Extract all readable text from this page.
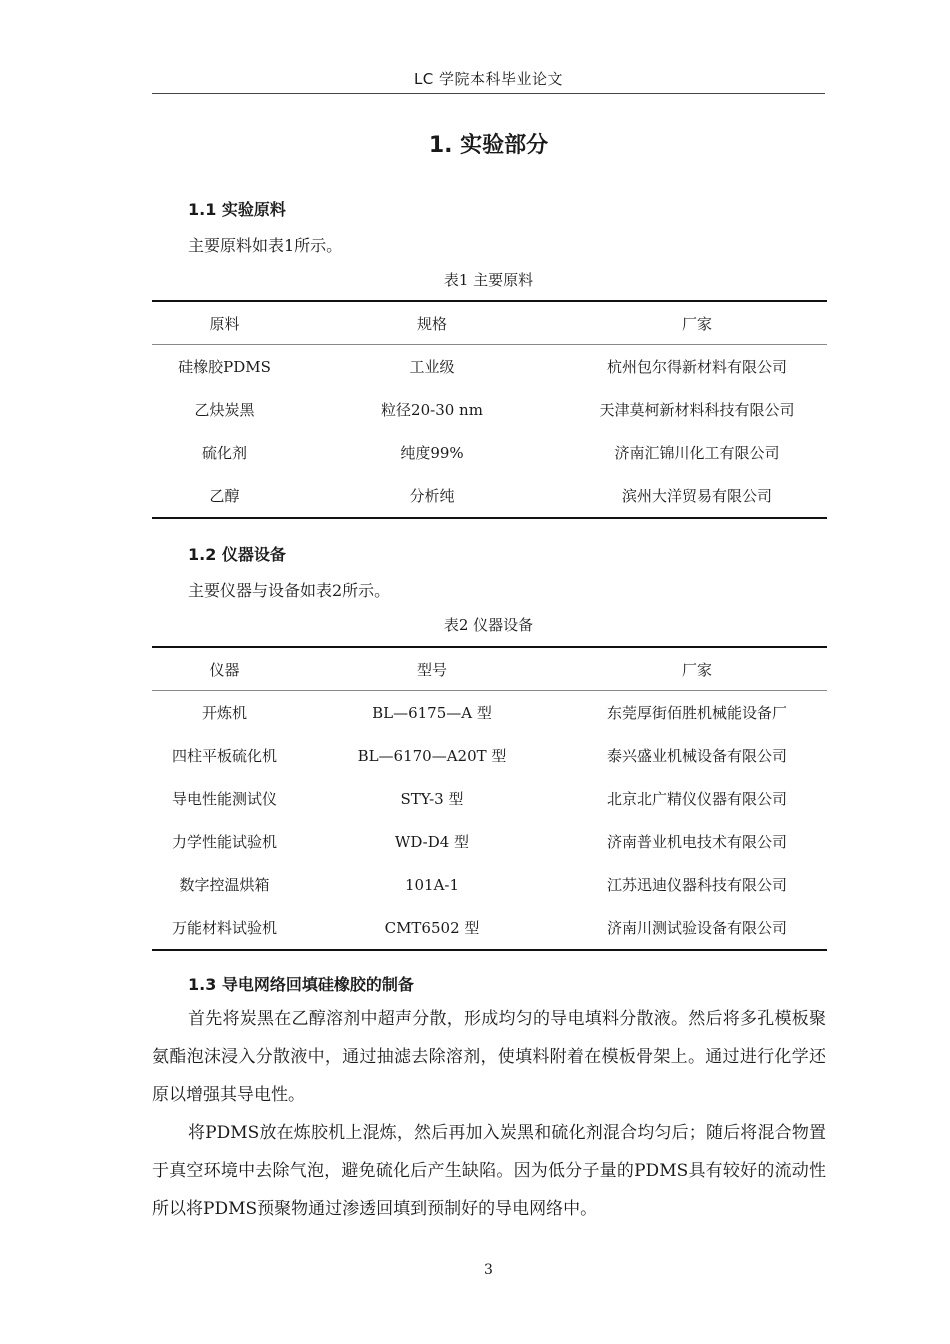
LC 学院本科毕业论文
1. 实验部分
1.1 实验原料
主要原料如表1所示。
表1 主要原料
原料	规格	厂家
硅橡胶PDMS	工业级	杭州包尔得新材料有限公司
乙炔炭黑	粒径20-30 nm	天津莫柯新材料科技有限公司
硫化剂	纯度99%	济南汇锦川化工有限公司
乙醇	分析纯	滨州大洋贸易有限公司
1.2 仪器设备
主要仪器与设备如表2所示。
表2 仪器设备
仪器	型号	厂家
开炼机	BL—6175—A 型	东莞厚街佰胜机械能设备厂
四柱平板硫化机	BL—6170—A20T 型	泰兴盛业机械设备有限公司
导电性能测试仪	STY-3 型	北京北广精仪仪器有限公司
力学性能试验机	WD-D4 型	济南普业机电技术有限公司
数字控温烘箱	101A-1	江苏迅迪仪器科技有限公司
万能材料试验机	CMT6502 型	济南川测试验设备有限公司
1.3 导电网络回填硅橡胶的制备

首先将炭黑在乙醇溶剂中超声分散，形成均匀的导电填料分散液。然后将多孔模板聚氨酯泡沫浸入分散液中，通过抽滤去除溶剂，使填料附着在模板骨架上。通过进行化学还原以增强其导电性。

将PDMS放在炼胶机上混炼，然后再加入炭黑和硫化剂混合均匀后；随后将混合物置于真空环境中去除气泡，避免硫化后产生缺陷。因为低分子量的PDMS具有较好的流动性所以将PDMS预聚物通过渗透回填到预制好的导电网络中。

3
